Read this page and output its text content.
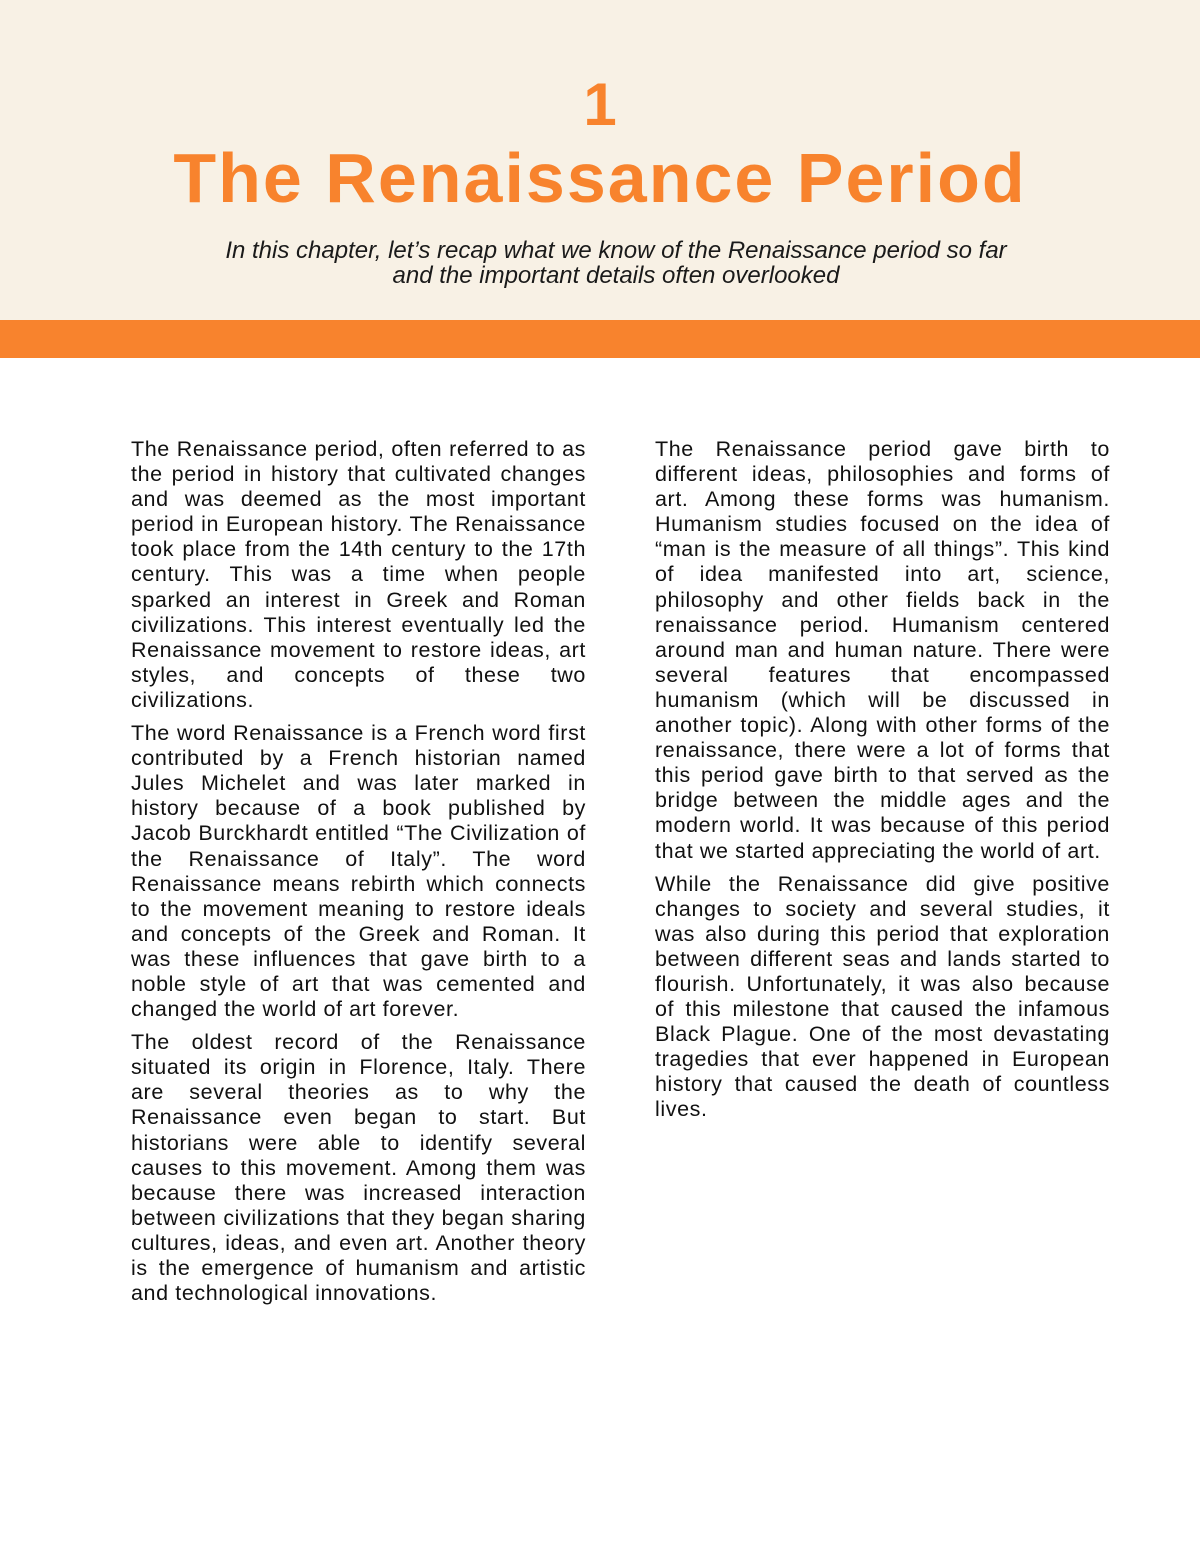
1
The Renaissance Period
In this chapter, let’s recap what we know of the Renaissance period so far
and the important details often overlooked

The Renaissance period, often referred to as the period in history that cultivated changes and was deemed as the most important period in European history. The Renaissance took place from the 14th century to the 17th century. This was a time when people sparked an interest in Greek and Roman civilizations. This interest eventually led the Renaissance movement to restore ideas, art styles, and concepts of these two civilizations.

The word Renaissance is a French word first contributed by a French historian named Jules Michelet and was later marked in history because of a book published by Jacob Burckhardt entitled “The Civilization of the Renaissance of Italy”. The word Renaissance means rebirth which connects to the movement meaning to restore ideals and concepts of the Greek and Roman. It was these influences that gave birth to a noble style of art that was cemented and changed the world of art forever.

The oldest record of the Renaissance situated its origin in Florence, Italy. There are several theories as to why the Renaissance even began to start. But historians were able to identify several causes to this movement. Among them was because there was increased interaction between civilizations that they began sharing cultures, ideas, and even art. Another theory is the emergence of humanism and artistic and technological innovations.

The Renaissance period gave birth to different ideas, philosophies and forms of art. Among these forms was humanism. Humanism studies focused on the idea of “man is the measure of all things”. This kind of idea manifested into art, science, philosophy and other fields back in the renaissance period. Humanism centered around man and human nature. There were several features that encompassed humanism (which will be discussed in another topic). Along with other forms of the renaissance, there were a lot of forms that this period gave birth to that served as the bridge between the middle ages and the modern world. It was because of this period that we started appreciating the world of art.

While the Renaissance did give positive changes to society and several studies, it was also during this period that exploration between different seas and lands started to flourish. Unfortunately, it was also because of this milestone that caused the infamous Black Plague. One of the most devastating tragedies that ever happened in European history that caused the death of countless lives.
